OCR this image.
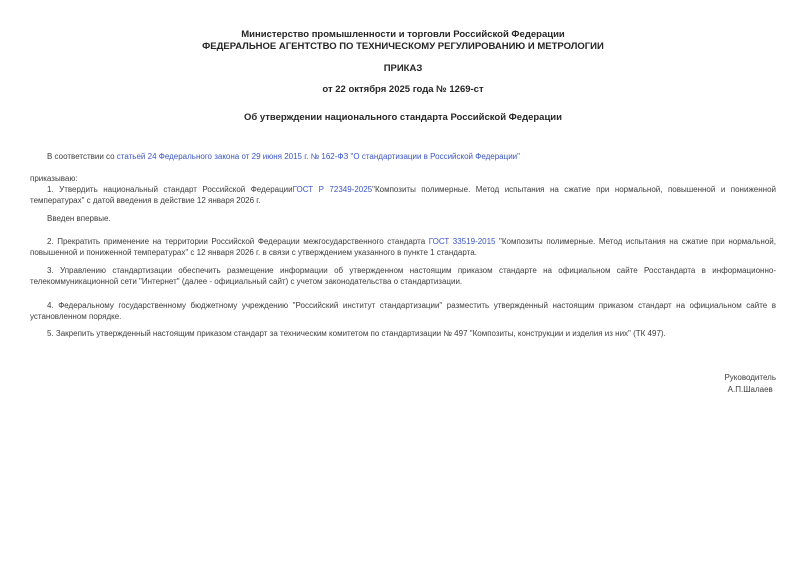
Министерство промышленности и торговли Российской Федерации
ФЕДЕРАЛЬНОЕ АГЕНТСТВО ПО ТЕХНИЧЕСКОМУ РЕГУЛИРОВАНИЮ И МЕТРОЛОГИИ
ПРИКАЗ
от 22 октября 2025 года № 1269-ст
Об утверждении национального стандарта Российской Федерации

В соответствии со статьей 24 Федерального закона от 29 июня 2015 г. № 162-ФЗ "О стандартизации в Российской Федерации"

приказываю:

1. Утвердить национальный стандарт Российской ФедерацииГОСТ Р 72349-2025"Композиты полимерные. Метод испытания на сжатие при нормальной, повышенной и пониженной температурах" с датой введения в действие 12 января 2026 г.

Введен впервые.

2. Прекратить применение на территории Российской Федерации межгосударственного стандарта ГОСТ 33519-2015 "Композиты полимерные. Метод испытания на сжатие при нормальной, повышенной и пониженной температурах" с 12 января 2026 г. в связи с утверждением указанного в пункте 1 стандарта.

3. Управлению стандартизации обеспечить размещение информации об утвержденном настоящим приказом стандарте на официальном сайте Росстандарта в информационно-телекоммуникационной сети "Интернет" (далее - официальный сайт) с учетом законодательства о стандартизации.

4. Федеральному государственному бюджетному учреждению "Российский институт стандартизации" разместить утвержденный настоящим приказом стандарт на официальном сайте в установленном порядке.

5. Закрепить утвержденный настоящим приказом стандарт за техническим комитетом по стандартизации № 497 "Композиты, конструкции и изделия из них" (ТК 497).

Руководитель
А.П.Шалаев
